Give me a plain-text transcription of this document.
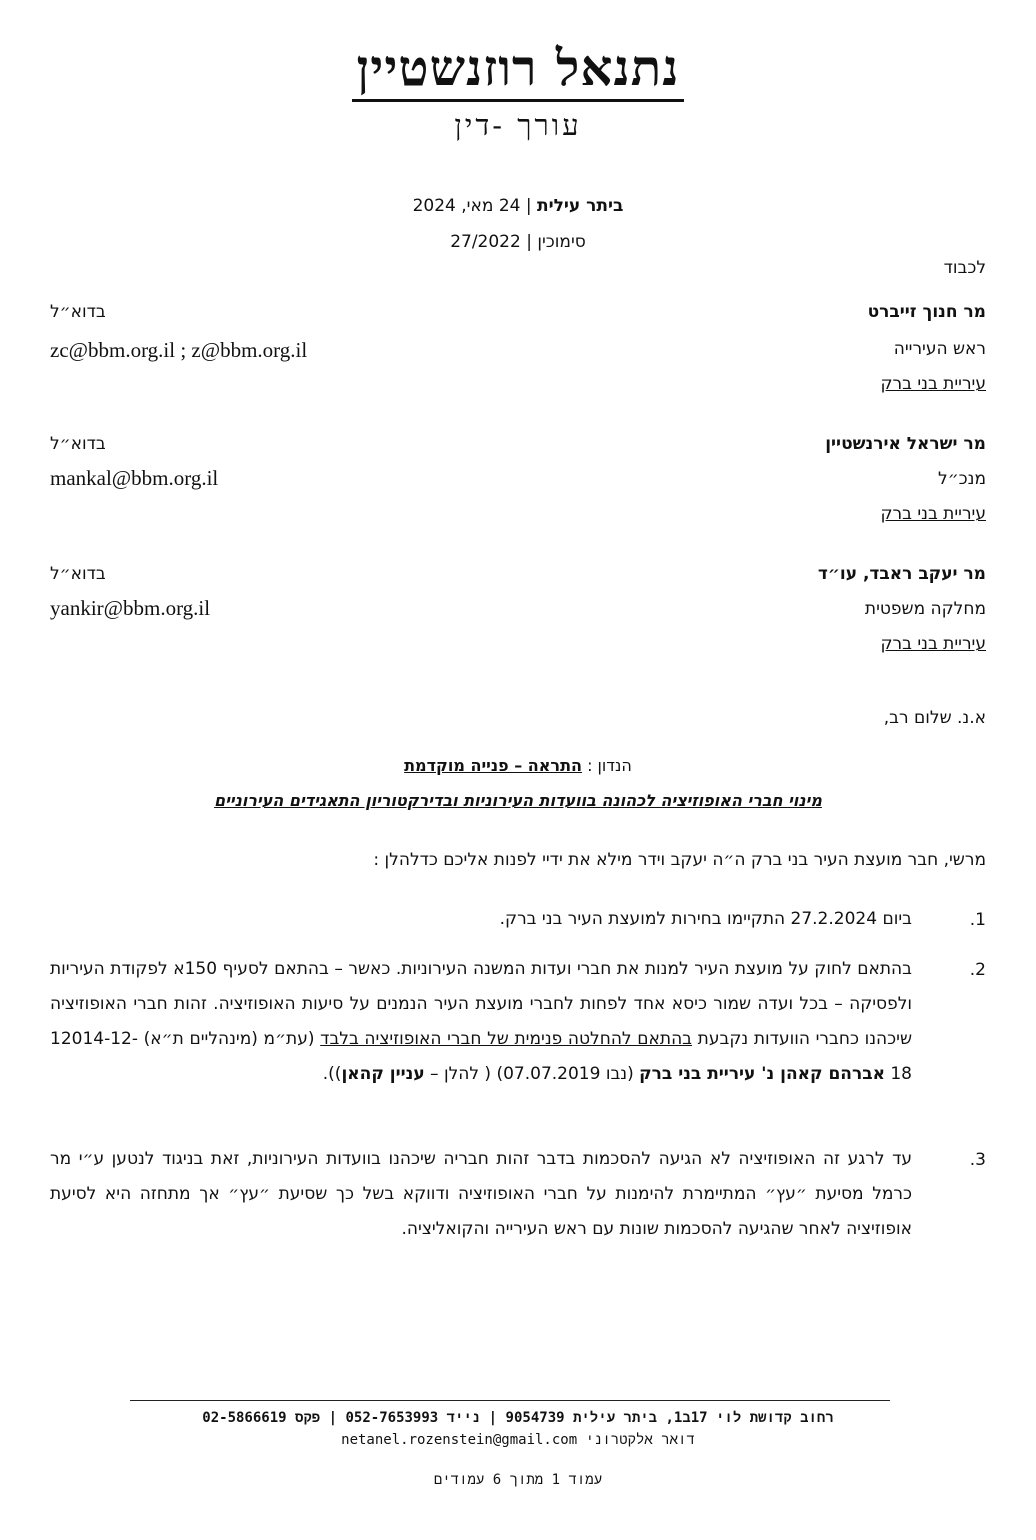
נתנאל רוזנשטיין
עורך -דין
ביתר עילית | 24 מאי, 2024
סימוכין | 27/2022
לכבוד
מר חנוך זייברט
ראש העירייה
עיריית בני ברק
בדוא״ל
zc@bbm.org.il ; z@bbm.org.il
מר ישראל אירנשטיין
מנכ״ל
עיריית בני ברק
בדוא״ל
mankal@bbm.org.il
מר יעקב ראבד, עו״ד
מחלקה משפטית
עיריית בני ברק
בדוא״ל
yankir@bbm.org.il
א.נ. שלום רב,
הנדון : התראה – פנייה מוקדמת
מינוי חברי האופוזיציה לכהונה בוועדות העירוניות ובדירקטוריון התאגידים העירוניים
מרשי, חבר מועצת העיר בני ברק ה״ה יעקב וידר מילא את ידיי לפנות אליכם כדלהלן :
1.

ביום 27.2.2024 התקיימו בחירות למועצת העיר בני ברק.

2.

בהתאם לחוק על מועצת העיר למנות את חברי ועדות המשנה העירוניות. כאשר – בהתאם לסעיף 150א לפקודת העיריות ולפסיקה – בכל ועדה שמור כיסא אחד לפחות לחברי מועצת העיר הנמנים על סיעות האופוזיציה. זהות חברי האופוזיציה שיכהנו כחברי הוועדות נקבעת בהתאם להחלטה פנימית של חברי האופוזיציה בלבד (עת״מ (מינהליים ת״א) 12014-12-18 אברהם קאהן נ' עיריית בני ברק (נבו 07.07.2019) ( להלן – עניין קהאן)).

3.

עד לרגע זה האופוזיציה לא הגיעה להסכמות בדבר זהות חבריה שיכהנו בוועדות העירוניות, זאת בניגוד לנטען ע״י מר כרמל מסיעת ״עץ״ המתיימרת להימנות על חברי האופוזיציה ודווקא בשל כך שסיעת ״עץ״ אך מתחזה היא לסיעת אופוזיציה לאחר שהגיעה להסכמות שונות עם ראש העירייה והקואליציה.

רחוב קדושת לוי 17ב1, ביתר עילית 9054739 | נייד 052-7653993 | פקס 02-5866619
דואר אלקטרוני netanel.rozenstein@gmail.com
עמוד 1 מתוך 6 עמודים
